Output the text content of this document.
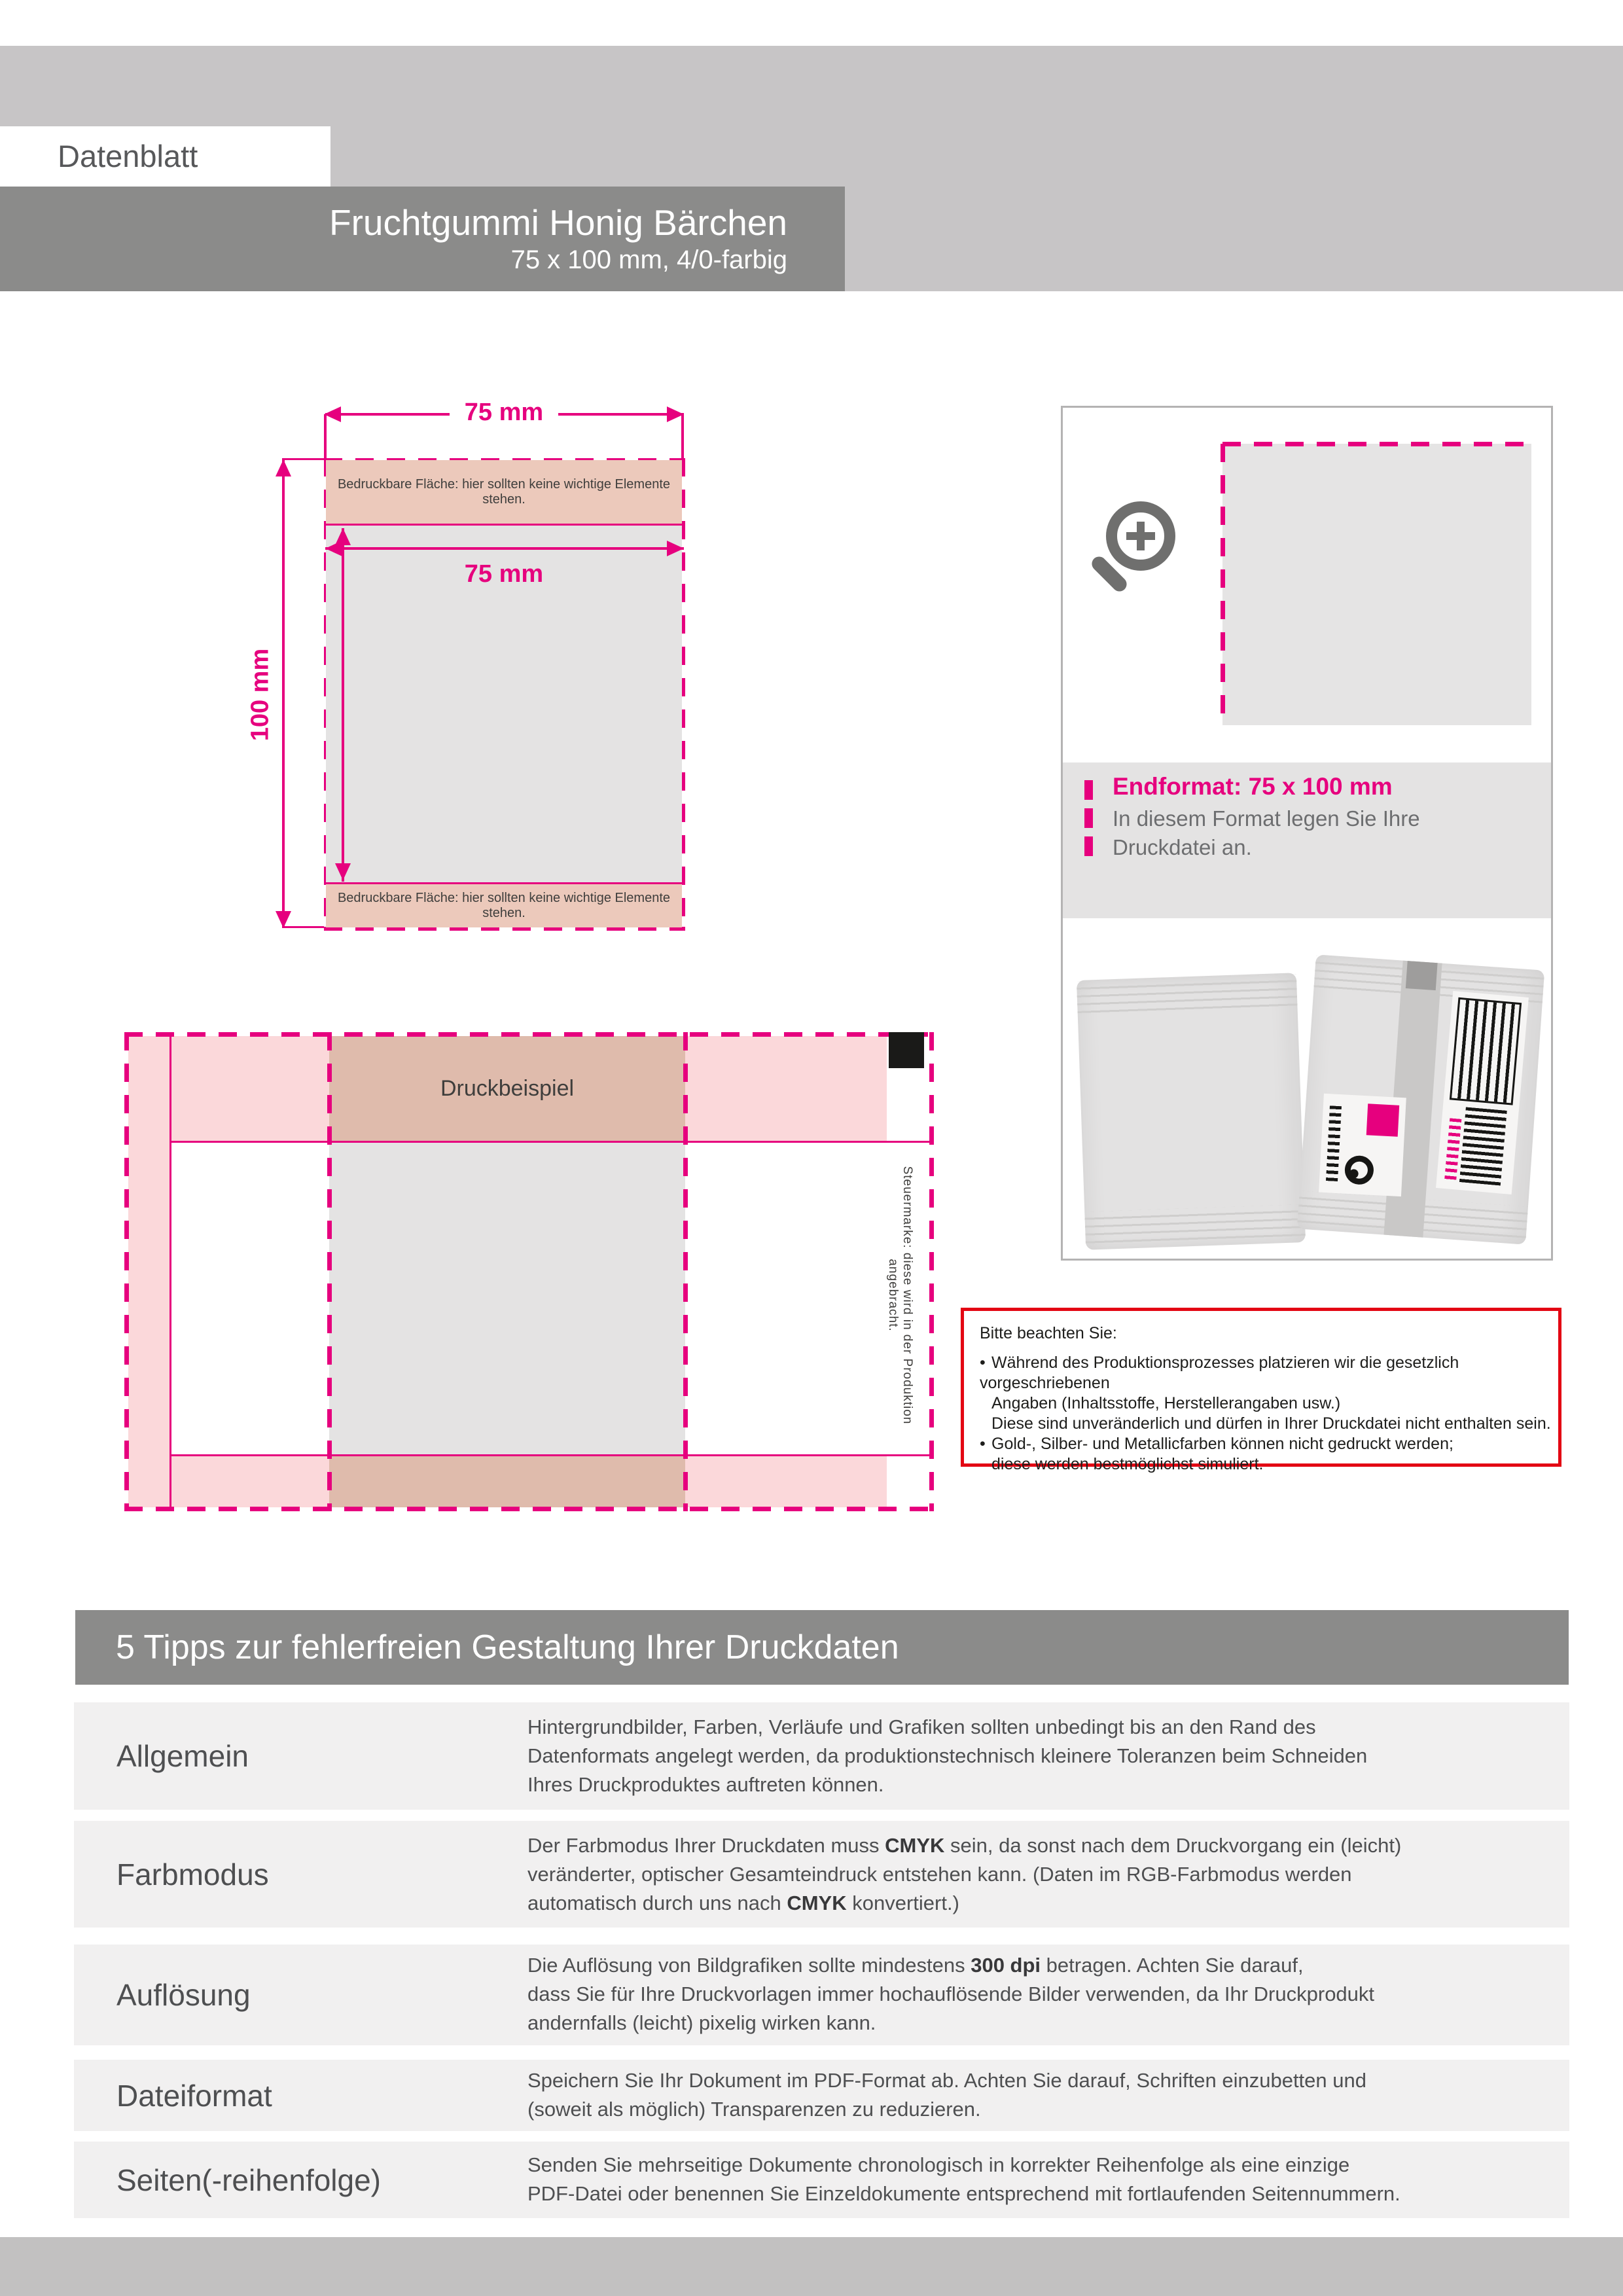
Datenblatt
Fruchtgummi Honig Bärchen
75 x 100 mm, 4/0-farbig
Bedruckbare Fläche: hier sollten keine wichtige Elemente stehen.
Bedruckbare Fläche: hier sollten keine wichtige Elemente stehen.
75 mm
100 mm
75 mm
Endformat: 75 x 100 mm
In diesem Format legen Sie Ihre
Druckdatei an.
Bitte beachten Sie:
• Während des Produktionsprozesses platzieren wir die gesetzlich vorgeschriebenen
Angaben (Inhaltsstoffe, Herstellerangaben usw.)
Diese sind unveränderlich und dürfen in Ihrer Druckdatei nicht enthalten sein.
• Gold-, Silber- und Metallicfarben können nicht gedruckt werden;
diese werden bestmöglichst simuliert.
Druckbeispiel
Steuermarke: diese wird in der Produktion angebracht.
5 Tipps zur fehlerfreien Gestaltung Ihrer Druckdaten
Allgemein
Hintergrundbilder, Farben, Verläufe und Grafiken sollten unbedingt bis an den Rand des
Datenformats angelegt werden, da produktionstechnisch kleinere Toleranzen beim Schneiden
Ihres Druckproduktes auftreten können.
Farbmodus
Der Farbmodus Ihrer Druckdaten muss CMYK sein, da sonst nach dem Druckvorgang ein (leicht)
veränderter, optischer Gesamteindruck entstehen kann. (Daten im RGB-Farbmodus werden
automatisch durch uns nach CMYK konvertiert.)
Auflösung
Die Auflösung von Bildgrafiken sollte mindestens 300 dpi betragen. Achten Sie darauf,
dass Sie für Ihre Druckvorlagen immer hochauflösende Bilder verwenden, da Ihr Druckprodukt
andernfalls (leicht) pixelig wirken kann.
Dateiformat	Speichern Sie Ihr Dokument im PDF-Format ab. Achten Sie darauf, Schriften einzubetten und
(soweit als möglich) Transparenzen zu reduzieren.
Seiten(-reihenfolge)	Senden Sie mehrseitige Dokumente chronologisch in korrekter Reihenfolge als eine einzige
PDF-Datei oder benennen Sie Einzeldokumente entsprechend mit fortlaufenden Seitennummern.
